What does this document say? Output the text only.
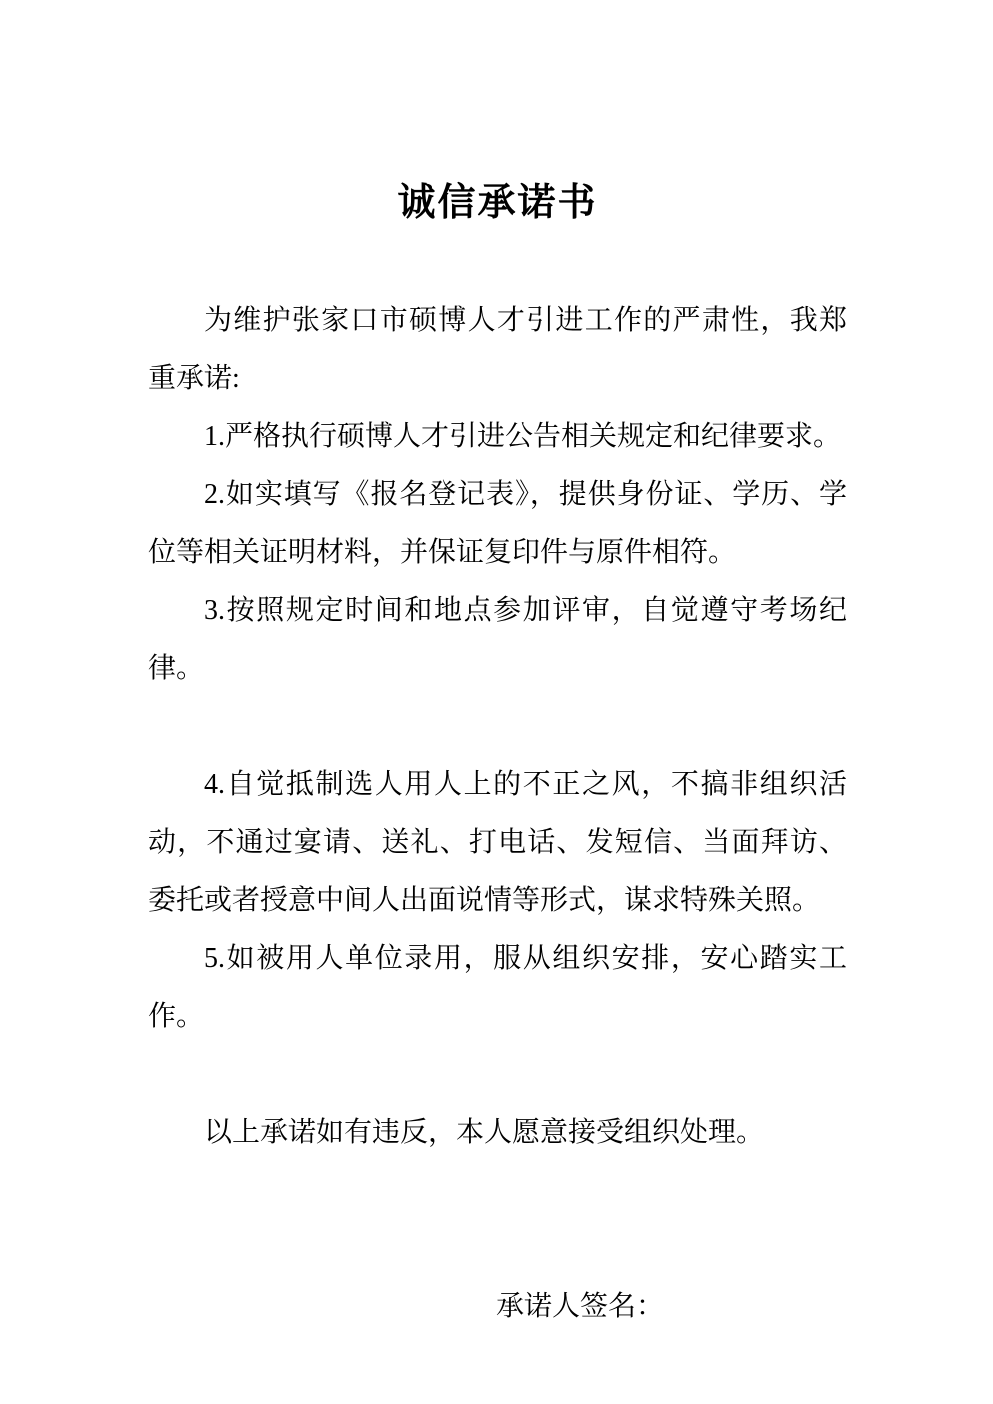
诚信承诺书

为维护张家口市硕博人才引进工作的严肃性，我郑重承诺:

1.严格执行硕博人才引进公告相关规定和纪律要求。

2.如实填写《报名登记表》，提供身份证、学历、学位等相关证明材料，并保证复印件与原件相符。

3.按照规定时间和地点参加评审，自觉遵守考场纪律。

4.自觉抵制选人用人上的不正之风，不搞非组织活动，不通过宴请、送礼、打电话、发短信、当面拜访、委托或者授意中间人出面说情等形式，谋求特殊关照。

5.如被用人单位录用，服从组织安排，安心踏实工作。

以上承诺如有违反，本人愿意接受组织处理。

承诺人签名：
